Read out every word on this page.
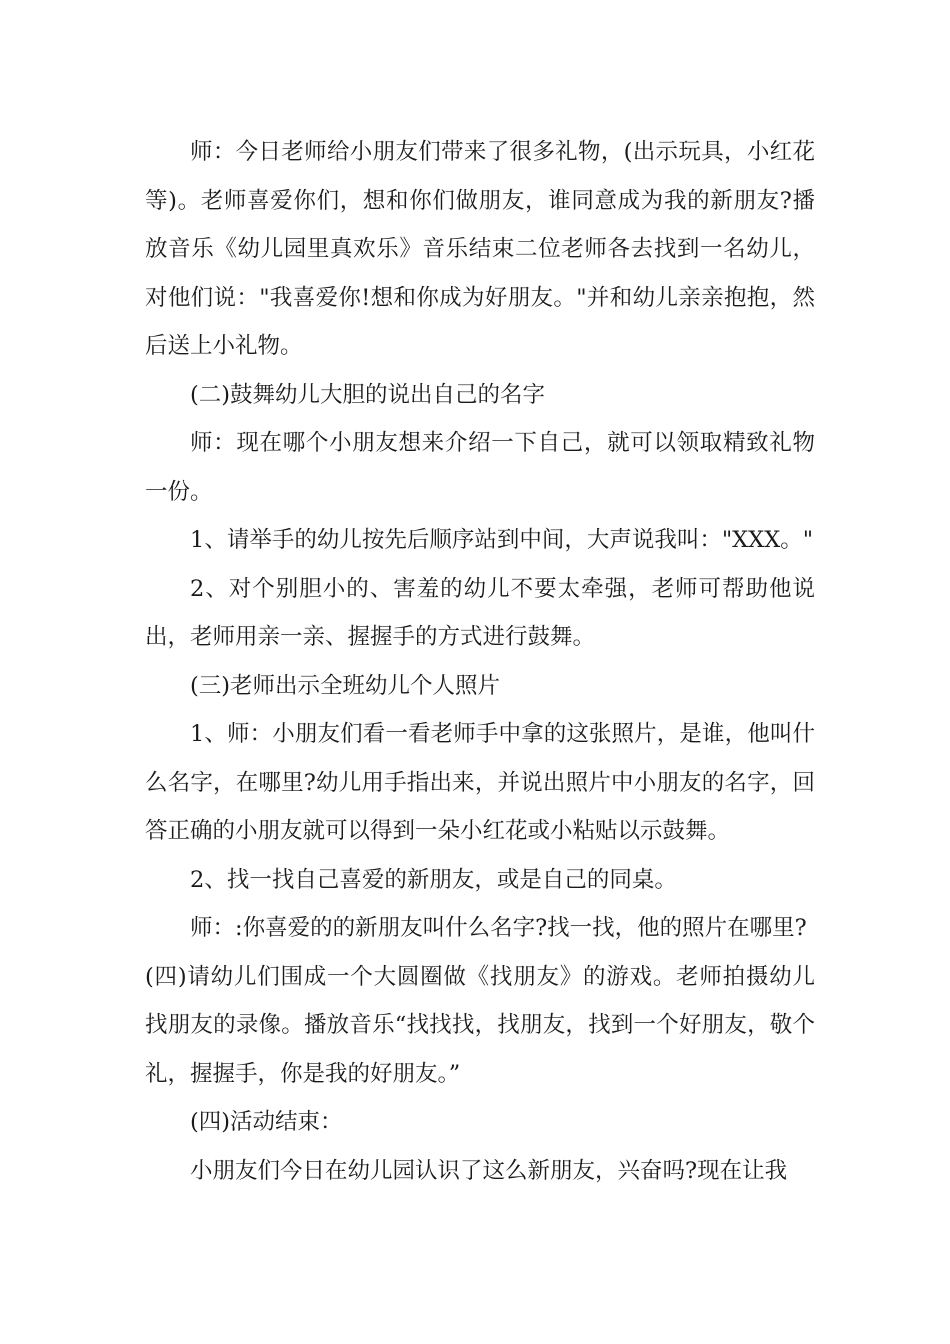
师：今日老师给小朋友们带来了很多礼物，(出示玩具，小红花等)。老师喜爱你们，想和你们做朋友，谁同意成为我的新朋友?播放音乐《幼儿园里真欢乐》音乐结束二位老师各去找到一名幼儿，对他们说："我喜爱你!想和你成为好朋友。"并和幼儿亲亲抱抱，然后送上小礼物。

(二)鼓舞幼儿大胆的说出自己的名字

师：现在哪个小朋友想来介绍一下自己，就可以领取精致礼物一份。

1、请举手的幼儿按先后顺序站到中间，大声说我叫："XXX。"

2、对个别胆小的、害羞的幼儿不要太牵强，老师可帮助他说出，老师用亲一亲、握握手的方式进行鼓舞。

(三)老师出示全班幼儿个人照片

1、师：小朋友们看一看老师手中拿的这张照片，是谁，他叫什么名字，在哪里?幼儿用手指出来，并说出照片中小朋友的名字，回答正确的小朋友就可以得到一朵小红花或小粘贴以示鼓舞。

2、找一找自己喜爱的新朋友，或是自己的同桌。

师：:你喜爱的的新朋友叫什么名字?找一找，他的照片在哪里?

(四)请幼儿们围成一个大圆圈做《找朋友》的游戏。老师拍摄幼儿找朋友的录像。播放音乐“找找找，找朋友，找到一个好朋友，敬个礼，握握手，你是我的好朋友。”

(四)活动结束：

小朋友们今日在幼儿园认识了这么新朋友，兴奋吗?现在让我
